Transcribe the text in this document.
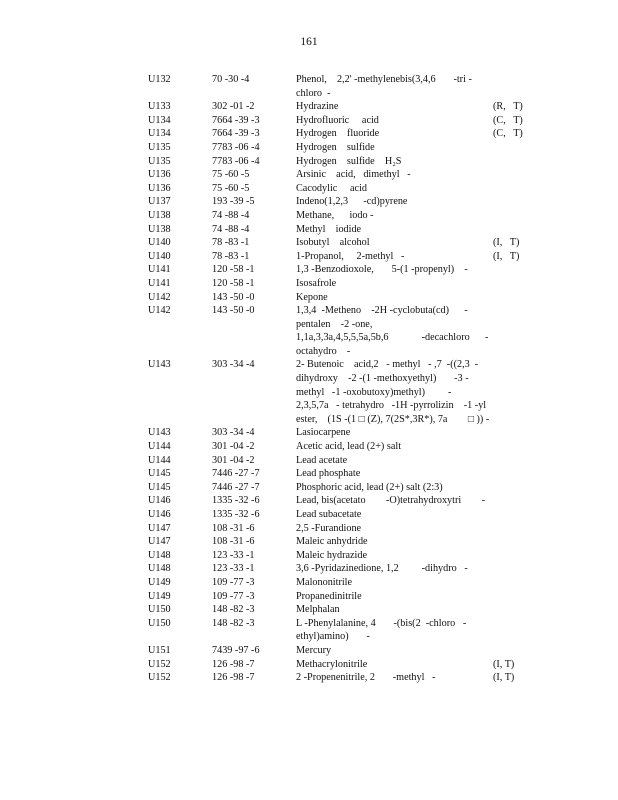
161
U132	70 -30 -4	Phenol,    2,2' -methylenebis(3,4,6       -tri -
chloro  -
U133	302 -01 -2	Hydrazine	(R,   T)
U134	7664 -39 -3	Hydrofluoric     acid	(C,   T)
U134	7664 -39 -3	Hydrogen    fluoride	(C,   T)
U135	7783 -06 -4	Hydrogen    sulfide
U135	7783 -06 -4	Hydrogen    sulfide    H₂S
U136	75 -60 -5	Arsinic    acid,   dimethyl   -
U136	75 -60 -5	Cacodylic     acid
U137	193 -39 -5	Indeno(1,2,3      -cd)pyrene
U138	74 -88 -4	Methane,      iodo -
U138	74 -88 -4	Methyl    iodide
U140	78 -83 -1	Isobutyl    alcohol	(I,   T)
U140	78 -83 -1	1-Propanol,     2-methyl   -	(I,   T)
U141	120 -58 -1	1,3 -Benzodioxole,       5-(1 -propenyl)    -
U141	120 -58 -1	Isosafrole
U142	143 -50 -0	Kepone
U142	143 -50 -0	1,3,4  -Metheno    -2H -cyclobuta(cd)      -
pentalen    -2 -one,
1,1a,3,3a,4,5,5,5a,5b,6             -decachloro      -
octahydro    -
U143	303 -34 -4	2- Butenoic    acid,2   - methyl   - ,7  -((2,3  -
dihydroxy    -2 -(1 -methoxyethyl)       -3 -
methyl   -1 -oxobutoxy)methyl)         -
2,3,5,7a   - tetrahydro   -1H -pyrrolizin    -1 -yl
ester,    (1S -(1 □ (Z), 7(2S*,3R*), 7a        □ )) -
U143	303 -34 -4	Lasiocarpene
U144	301 -04 -2	Acetic acid, lead (2+) salt
U144	301 -04 -2	Lead acetate
U145	7446 -27 -7	Lead phosphate
U145	7446 -27 -7	Phosphoric acid, lead (2+) salt (2:3)
U146	1335 -32 -6	Lead, bis(acetato        -O)tetrahydroxytri        -
U146	1335 -32 -6	Lead subacetate
U147	108 -31 -6	2,5 -Furandione
U147	108 -31 -6	Maleic anhydride
U148	123 -33 -1	Maleic hydrazide
U148	123 -33 -1	3,6 -Pyridazinedione, 1,2         -dihydro   -
U149	109 -77 -3	Malononitrile
U149	109 -77 -3	Propanedinitrile
U150	148 -82 -3	Melphalan
U150	148 -82 -3	L -Phenylalanine, 4       -(bis(2  -chloro   -
ethyl)amino)       -
U151	7439 -97 -6	Mercury
U152	126 -98 -7	Methacrylonitrile	(I, T)
U152	126 -98 -7	2 -Propenenitrile, 2       -methyl   -	(I, T)
